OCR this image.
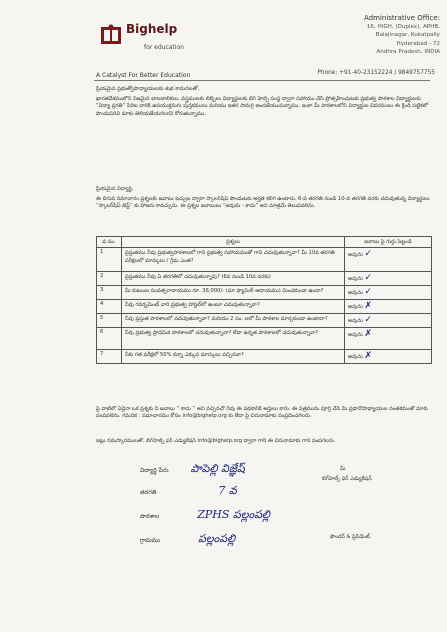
Bighelp
for education
A Catalyst For Better Education
Administrative Office:
16, HIGH, (Duplex), APHB,
Balajinagar, Kukatpally
Hyderabad - 72
Andhra Pradesh, INDIA
Phone: +91-40-23152224 / 9849757755
ప్రియమైన ప్రభుత్వోపాధ్యాయులకు శుభ కామనలతో,
ఖారతదేశములోని నిజమైన బాలబాలికలు, వస్త్రములకు లిబ్బిలు విద్యార్థులకు బిగ్ హెల్ప్ సంస్థ ద్వారా సహాయం చేసి ప్రోత్సహించుటకు ప్రభుత్వ పాఠశాల విద్యార్థులకు “విద్యా ప్రగతి” పేరిట వారికి ఉపయుక్తమగు పుస్తకములు మరియు ఇతర సామగ్రి అందజేయుచున్నాము. ఇంకా మీ పాఠశాలలోని విద్యార్థుల వివరములు ఈ క్రింది పట్టికలో పొందుపరిచి మాకు తెలియజేయగలరని కోరుతున్నాము.
ప్రియమైన విద్యార్థి,
ఈ దిగువ సమాచారం ప్రశ్నలకు జవాబు ఇచ్చుట ద్వారా స్కాలర్‌షిప్ పొందుటకు అర్హత కలిగి ఉంటారు. 6-వ తరగతి నుండి 10-వ తరగతి వరకు చదువుతున్న విద్యార్థులు “స్కాలర్‌షిప్ టెస్ట్” కు హాజరు కావచ్చును. ఈ ప్రశ్నల జవాబులు “అవును - కాదు” అని మాత్రమే తెలుపవలెను.
వ.సం.	ప్రశ్నలు	జవాబు పై గుర్తు పెట్టండి
1	ప్రస్తుతము నీవు ప్రభుత్వపాఠశాలలో గాని ప్రభుత్వ సహాయముతో గాని చదువుతున్నావా? మీ 10వ తరగతి పరీక్షలలో మార్కులు / గ్రేడు ఎంత?	అవును ✓
2	ప్రస్తుతము నీవు ఏ తరగతిలో చదువుతున్నావు? (6వ నుండి 10వ వరకు)	అవును ✓
3	మీ కుటుంబ సంవత్సరాదాయము రూ. 36,000/- (మా ఫ్యామిలీ ఆదాయము) మించకుండా ఉందా?	అవును ✓
4	నీవు గవర్నమెంట్ వారి ప్రభుత్వ హాస్టల్‌లో ఉంటూ చదువుతున్నావా?	అవును ✗
5	నీవు ప్రస్తుత పాఠశాలలో చదువుతున్నావా? మరియు 2 సం. లలో మీ పాఠశాల మార్చకుండా ఉంటావా?	అవును ✓
6	నీవు ప్రభుత్వ ప్రాధమిక పాఠశాలలో చదువుతున్నావా? లేదా ఉన్నత పాఠశాలలో చదువుతున్నావా?	అవును ✗
7	నీకు గత పరీక్షలో 50% కన్నా ఎక్కువ మార్కులు వచ్చినవా?	అవును ✗
పై వాటిలో ఏదైనా ఒక ప్రశ్నకు నీ జవాబు “ కాదు ” అని వచ్చినచో నీవు ఈ పథకానికి అర్హులు కారు. ఈ పత్రమును పూర్తి చేసి మీ ప్రధానోపాధ్యాయుల సంతకముతో మాకు పంపవలెను. గమనిక : సమాచారము కోసం info@bighelp.org కు లేదా పై చిరునామాకు సంప్రదించగలరు.
ఇట్లు నమస్కారములతో, బిగ్‌హెల్ప్ ఫర్ ఎడ్యుకేషన్ info@bighelp.org ద్వారా గాని ఈ చిరునామాకు గాని పంపగలరు.
విద్యార్థి పేరు పాపెల్లి విజ్ఞేష్
తరగతి	7 వ
పాఠశాల	ZPHS పల్లంపల్లి
గ్రామము	పల్లంపల్లి
మీ
బిగ్‌హెల్ప్ ఫర్ ఎడ్యుకేషన్
ఫౌండర్ & ప్రెసిడెంట్
